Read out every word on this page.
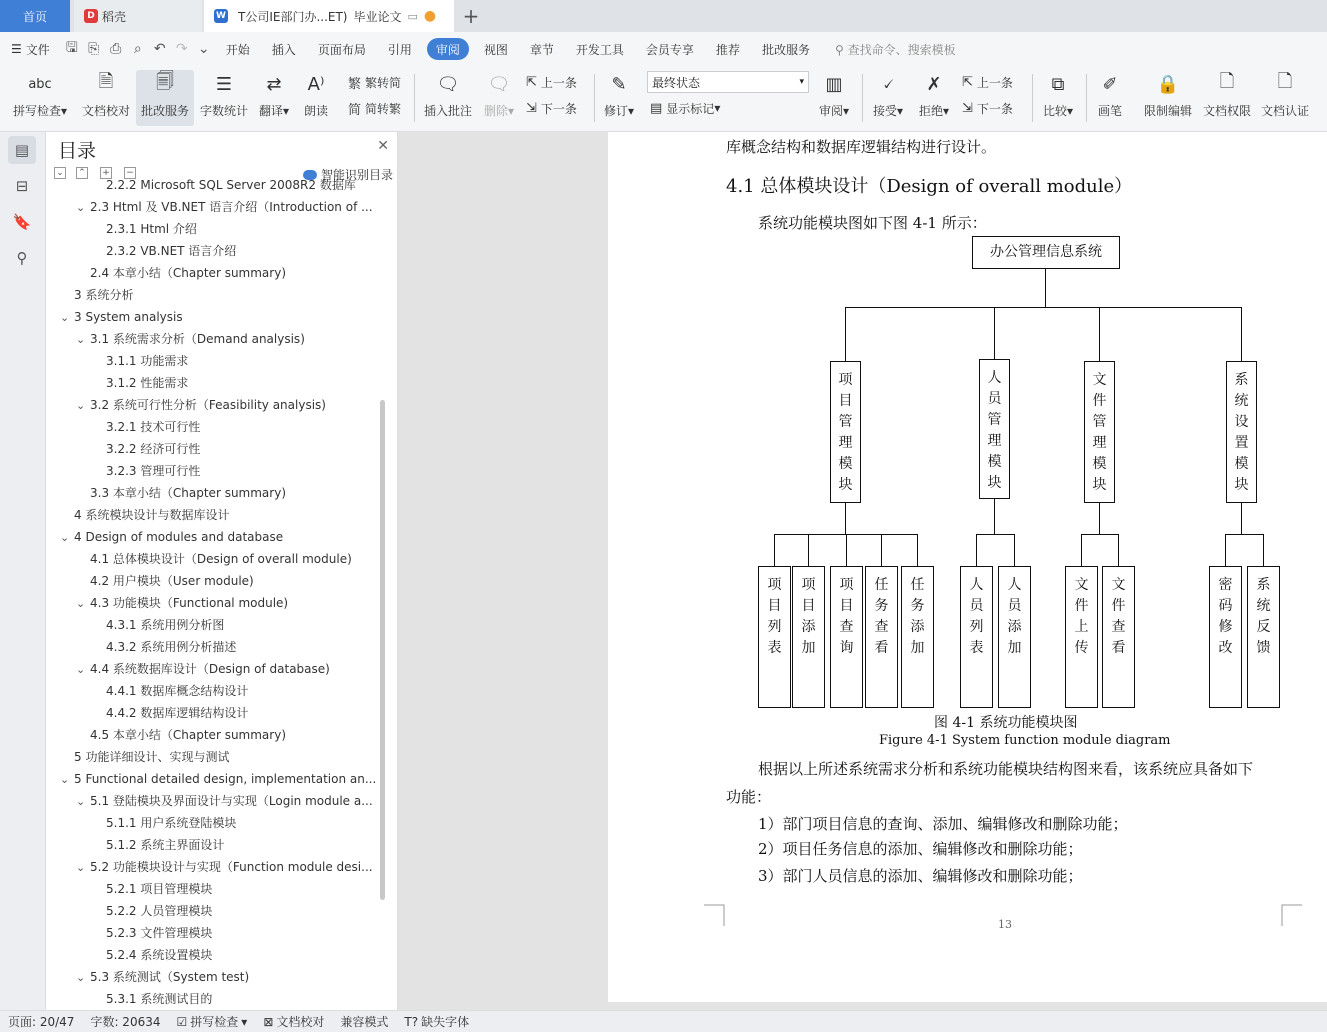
首页	D 稻壳	W T公司IE部门办...ET) 毕业论文 ▭ ●	+
☰ 文件	🖫 ⎘ ⎙ ⌕ ↶ ↷ ⌄	开始	插入	页面布局	引用	审阅	视图	章节	开发工具	会员专享	推荐	批改服务	⚲ 查找命令、搜索模板
abc
拼写检查▾
🗎
文档校对
🗐
批改服务
☰
字数统计
⇄
翻译▾
A⁾
朗读
繁 繁转简
简 简转繁
🗨
插入批注
🗨
删除▾
⇱ 上一条
⇲ 下一条
✎
修订▾
最终状态	▾
▤ 显示标记 ▾
▥
审阅▾
🗸
接受▾
✗
拒绝▾
⇱ 上一条
⇲ 下一条
⧉
比较▾
✐
画笔
🔒
限制编辑
🗋
文档权限
🗋
文档认证
▤
⊟
🔖
⚲
目录	✕
⌄ ⌃ + −	智能识别目录
2.2.2 Microsoft SQL Server 2008R2 数据库
⌄ 2.3 Html 及 VB.NET 语言介绍（Introduction of ...
2.3.1 Html 介绍
2.3.2 VB.NET 语言介绍
2.4 本章小结（Chapter summary)
3 系统分析
⌄ 3 System analysis
⌄ 3.1 系统需求分析（Demand analysis)
3.1.1 功能需求
3.1.2 性能需求
⌄ 3.2 系统可行性分析（Feasibility analysis)
3.2.1 技术可行性
3.2.2 经济可行性
3.2.3 管理可行性
3.3 本章小结（Chapter summary)
4 系统模块设计与数据库设计
⌄ 4 Design of modules and database
4.1 总体模块设计（Design of overall module)
4.2 用户模块（User module)
⌄ 4.3 功能模块（Functional module)
4.3.1 系统用例分析图
4.3.2 系统用例分析描述
⌄ 4.4 系统数据库设计（Design of database)
4.4.1 数据库概念结构设计
4.4.2 数据库逻辑结构设计
4.5 本章小结（Chapter summary)
5 功能详细设计、实现与测试
⌄ 5 Functional detailed design, implementation an...
⌄ 5.1 登陆模块及界面设计与实现（Login module a...
5.1.1 用户系统登陆模块
5.1.2 系统主界面设计
⌄ 5.2 功能模块设计与实现（Function module desi...
5.2.1 项目管理模块
5.2.2 人员管理模块
5.2.3 文件管理模块
5.2.4 系统设置模块
⌄ 5.3 系统测试（System test)
5.3.1 系统测试目的
库概念结构和数据库逻辑结构进行设计。
4.1 总体模块设计（Design of overall module）
系统功能模块图如下图 4-1 所示：
办公管理信息系统
图 4-1 系统功能模块图
Figure 4-1 System function module diagram
根据以上所述系统需求分析和系统功能模块结构图来看，该系统应具备如下
功能：
1）部门项目信息的查询、添加、编辑修改和删除功能；
2）项目任务信息的添加、编辑修改和删除功能；
3）部门人员信息的添加、编辑修改和删除功能；
13
项
目
管
理
模
块
项
目
列
表
项
目
添
加
项
目
查
询
任
务
查
看
任
务
添
加
人
员
管
理
模
块
人
员
列
表
人
员
添
加
文
件
管
理
模
块
文
件
上
传
文
件
查
看
系
统
设
置
模
块
密
码
修
改
系
统
反
馈
页面: 20/47 字数: 20634 ☑ 拼写检查 ▾	⊠ 文档校对 兼容模式 T? 缺失字体
